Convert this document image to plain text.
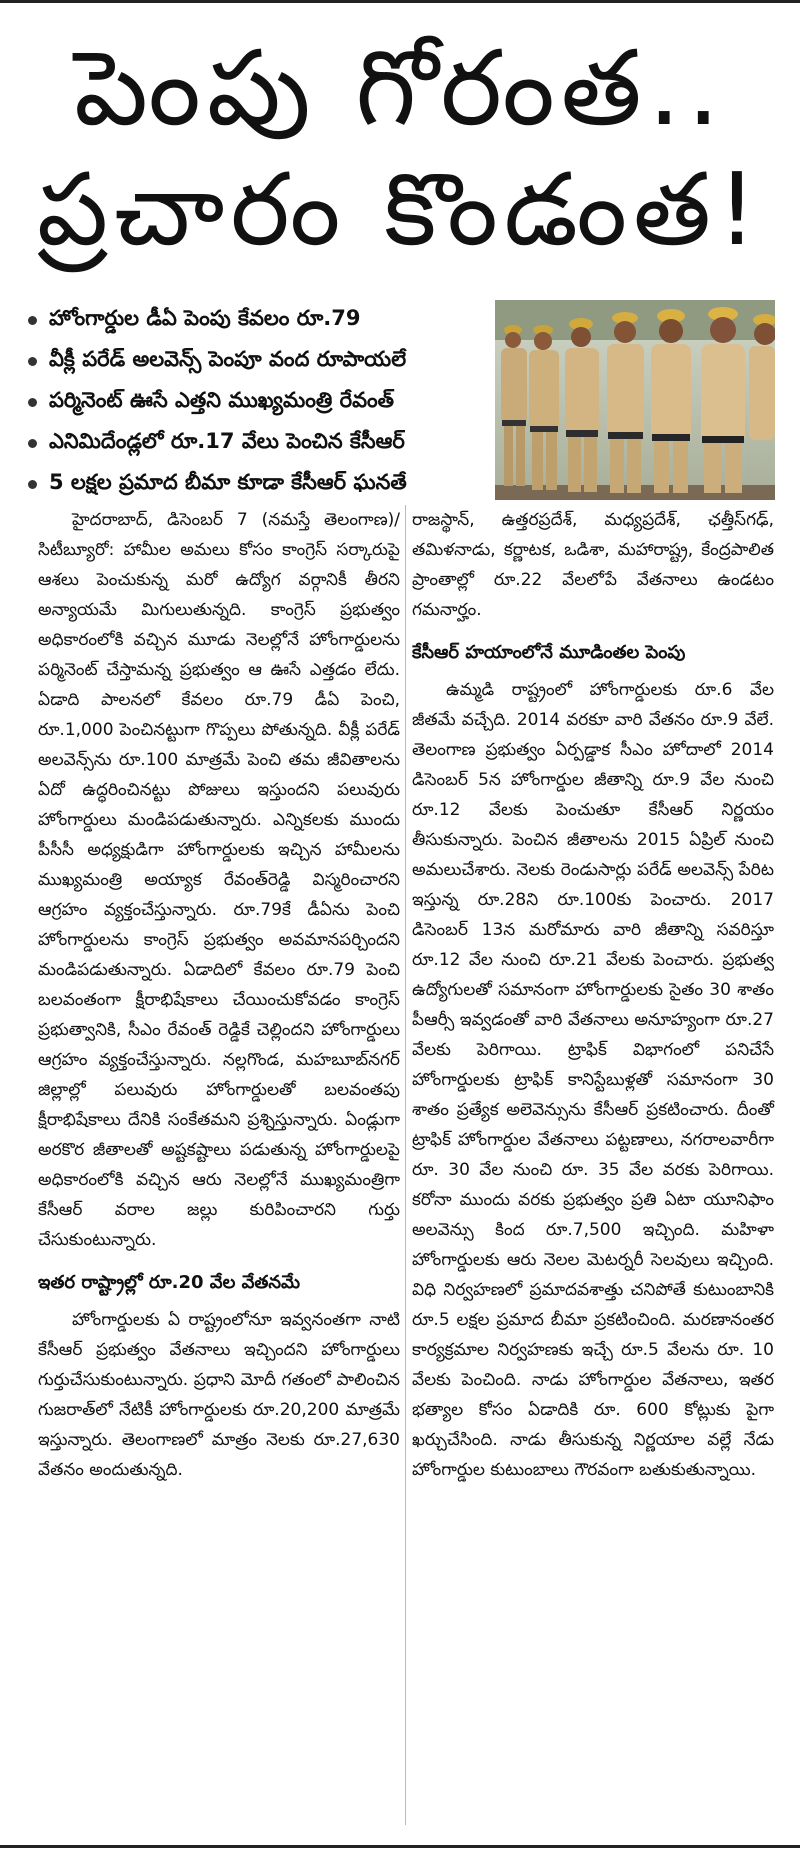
పెంపు గోరంత..
ప్రచారం కొండంత!
హోంగార్డుల డీఏ పెంపు కేవలం రూ.79
వీక్లీ పరేడ్ అలవెన్స్ పెంపూ వంద రూపాయలే
పర్మినెంట్ ఊసే ఎత్తని ముఖ్యమంత్రి రేవంత్
ఎనిమిదేండ్లలో రూ.17 వేలు పెంచిన కేసీఆర్
5 లక్షల ప్రమాద బీమా కూడా కేసీఆర్ ఘనతే

హైదరాబాద్, డిసెంబర్ 7 (నమస్తే తెలంగాణ)/సిటీబ్యూరో: హామీల అమలు కోసం కాంగ్రెస్ సర్కారుపై ఆశలు పెంచుకున్న మరో ఉద్యోగ వర్గానికీ తీరని అన్యాయమే మిగులుతున్నది. కాంగ్రెస్ ప్రభుత్వం అధికారంలోకి వచ్చిన మూడు నెలల్లోనే హోంగార్డులను పర్మినెంట్ చేస్తామన్న ప్రభుత్వం ఆ ఊసే ఎత్తడం లేదు. ఏడాది పాలనలో కేవలం రూ.79 డీఏ పెంచి, రూ.1,000 పెంచినట్టుగా గొప్పలు పోతున్నది. వీక్లీ పరేడ్ అలవెన్స్‌ను రూ.100 మాత్రమే పెంచి తమ జీవితాలను ఏదో ఉద్ధరించినట్టు పోజులు ఇస్తుందని పలువురు హోంగార్డులు మండిపడుతున్నారు. ఎన్నికలకు ముందు పీసీసీ అధ్యక్షుడిగా హోంగార్డులకు ఇచ్చిన హామీలను ముఖ్యమంత్రి అయ్యాక రేవంత్‌రెడ్డి విస్మరించారని ఆగ్రహం వ్యక్తంచేస్తున్నారు. రూ.79కే డీఏను పెంచి హోంగార్డులను కాంగ్రెస్ ప్రభుత్వం అవమానపర్చిందని మండిపడుతున్నారు. ఏడాదిలో కేవలం రూ.79 పెంచి బలవంతంగా క్షీరాభిషేకాలు చేయించుకోవడం కాంగ్రెస్ ప్రభుత్వానికి, సీఎం రేవంత్ రెడ్డికే చెల్లిందని హోంగార్డులు ఆగ్రహం వ్యక్తంచేస్తున్నారు. నల్లగొండ, మహబూబ్‌నగర్ జిల్లాల్లో పలువురు హోంగార్డులతో బలవంతపు క్షీరాభిషేకాలు దేనికి సంకేతమని ప్రశ్నిస్తున్నారు. ఏండ్లుగా అరకొర జీతాలతో అష్టకష్టాలు పడుతున్న హోంగార్డులపై అధికారంలోకి వచ్చిన ఆరు నెలల్లోనే ముఖ్యమంత్రిగా కేసీఆర్ వరాల జల్లు కురిపించారని గుర్తు చేసుకుంటున్నారు.

ఇతర రాష్ట్రాల్లో రూ.20 వేల వేతనమే

హోంగార్డులకు ఏ రాష్ట్రంలోనూ ఇవ్వనంతగా నాటి కేసీఆర్ ప్రభుత్వం వేతనాలు ఇచ్చిందని హోంగార్డులు గుర్తుచేసుకుంటున్నారు. ప్రధాని మోదీ గతంలో పాలించిన గుజరాత్‌లో నేటికీ హోంగార్డులకు రూ.20,200 మాత్రమే ఇస్తున్నారు. తెలంగాణలో మాత్రం నెలకు రూ.27,630 వేతనం అందుతున్నది.

రాజస్థాన్, ఉత్తరప్రదేశ్, మధ్యప్రదేశ్, ఛత్తీస్‌గఢ్, తమిళనాడు, కర్ణాటక, ఒడిశా, మహారాష్ట్ర, కేంద్రపాలిత ప్రాంతాల్లో రూ.22 వేలలోపే వేతనాలు ఉండటం గమనార్హం.

కేసీఆర్ హయాంలోనే మూడింతల పెంపు

ఉమ్మడి రాష్ట్రంలో హోంగార్డులకు రూ.6 వేల జీతమే వచ్చేది. 2014 వరకూ వారి వేతనం రూ.9 వేలే. తెలంగాణ ప్రభుత్వం ఏర్పడ్డాక సీఎం హోదాలో 2014 డిసెంబర్ 5న హోంగార్డుల జీతాన్ని రూ.9 వేల నుంచి రూ.12 వేలకు పెంచుతూ కేసీఆర్ నిర్ణయం తీసుకున్నారు. పెంచిన జీతాలను 2015 ఏప్రిల్ నుంచి అమలుచేశారు. నెలకు రెండుసార్లు పరేడ్ అలవెన్స్ పేరిట ఇస్తున్న రూ.28ని రూ.100కు పెంచారు. 2017 డిసెంబర్ 13న మరోమారు వారి జీతాన్ని సవరిస్తూ రూ.12 వేల నుంచి రూ.21 వేలకు పెంచారు. ప్రభుత్వ ఉద్యోగులతో సమానంగా హోంగార్డులకు సైతం 30 శాతం పీఆర్సీ ఇవ్వడంతో వారి వేతనాలు అనూహ్యంగా రూ.27 వేలకు పెరిగాయి. ట్రాఫిక్ విభాగంలో పనిచేసే హోంగార్డులకు ట్రాఫిక్ కానిస్టేబుళ్లతో సమానంగా 30 శాతం ప్రత్యేక అలెవెన్సును కేసీఆర్ ప్రకటించారు. దీంతో ట్రాఫిక్ హోంగార్డుల వేతనాలు పట్టణాలు, నగరాలవారీగా రూ. 30 వేల నుంచి రూ. 35 వేల వరకు పెరిగాయి. కరోనా ముందు వరకు ప్రభుత్వం ప్రతి ఏటా యూనిఫాం అలవెన్సు కింద రూ.7,500 ఇచ్చింది. మహిళా హోంగార్డులకు ఆరు నెలల మెటర్నరీ సెలవులు ఇచ్చింది. విధి నిర్వహణలో ప్రమాదవశాత్తు చనిపోతే కుటుంబానికి రూ.5 లక్షల ప్రమాద బీమా ప్రకటించింది. మరణానంతర కార్యక్రమాల నిర్వహణకు ఇచ్చే రూ.5 వేలను రూ. 10 వేలకు పెంచింది. నాడు హోంగార్డుల వేతనాలు, ఇతర భత్యాల కోసం ఏడాదికి రూ. 600 కోట్లుకు పైగా ఖర్చుచేసింది. నాడు తీసుకున్న నిర్ణయాల వల్లే నేడు హోంగార్డుల కుటుంబాలు గౌరవంగా బతుకుతున్నాయి.
